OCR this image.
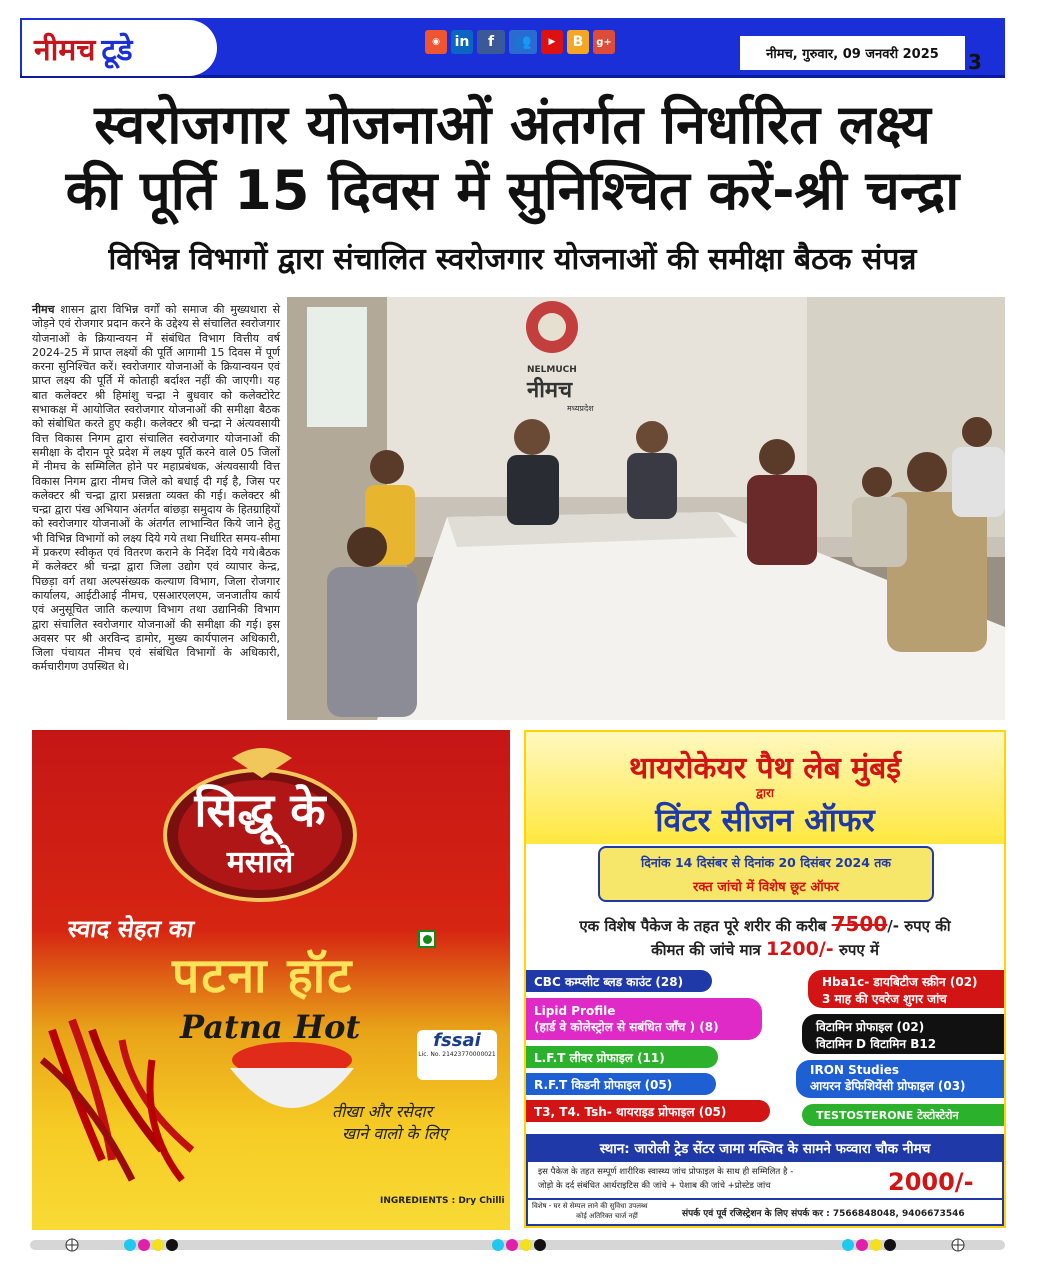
नीमच टूडे	◉	in	f	👥	▶	B	g+
नीमच, गुरुवार, 09 जनवरी 2025	3
स्वरोजगार योजनाओं अंतर्गत निर्धारित लक्ष्य
की पूर्ति 15 दिवस में सुनिश्चित करें-श्री चन्द्रा
विभिन्न विभागों द्वारा संचालित स्वरोजगार योजनाओं की समीक्षा बैठक संपन्न
नीमच शासन द्वारा विभिन्न वर्गों को समाज की मुख्यधारा से जोड़ने एवं रोजगार प्रदान करने के उद्देश्य से संचालित स्वरोजगार योजनाओं के क्रियान्वयन में संबंधित विभाग वित्तीय वर्ष 2024-25 में प्राप्त लक्ष्यों की पूर्ति आगामी 15 दिवस में पूर्ण करना सुनिश्चित करें। स्वरोजगार योजनाओं के क्रियान्वयन एवं प्राप्त लक्ष्य की पूर्ति में कोताही बर्दाश्त नहीं की जाएगी। यह बात कलेक्टर श्री हिमांशु चन्द्रा ने बुधवार को कलेक्टोरेट सभाकक्ष में आयोजित स्वरोजगार योजनाओं की समीक्षा बैठक को संबोधित करते हुए कही। कलेक्टर श्री चन्द्रा ने अंत्यवसायी वित्त विकास निगम द्वारा संचालित स्वरोजगार योजनाओं की समीक्षा के दौरान पूरे प्रदेश में लक्ष्य पूर्ति करने वाले 05 जिलों में नीमच के सम्मिलित होने पर महाप्रबंधक, अंत्यवसायी वित्त विकास निगम द्वारा नीमच जिले को बधाई दी गई है, जिस पर कलेक्टर श्री चन्द्रा द्वारा प्रसन्नता व्यक्त की गई। कलेक्टर श्री चन्द्रा द्वारा पंख अभियान अंतर्गत बांछड़ा समुदाय के हितग्राहियों को स्वरोजगार योजनाओं के अंतर्गत लाभान्वित किये जाने हेतु भी विभिन्न विभागों को लक्ष्य दिये गये तथा निर्धारित समय-सीमा में प्रकरण स्वीकृत एवं वितरण कराने के निर्देश दिये गये।बैठक में कलेक्टर श्री चन्द्रा द्वारा जिला उद्योग एवं व्यापार केन्द्र, पिछड़ा वर्ग तथा अल्पसंख्यक कल्याण विभाग, जिला रोजगार कार्यालय, आईटीआई नीमच, एसआरएलएम, जनजातीय कार्य एवं अनुसूचित जाति कल्याण विभाग तथा उद्यानिकी विभाग द्वारा संचालित स्वरोजगार योजनाओं की समीक्षा की गई। इस अवसर पर श्री अरविन्द डामोर, मुख्य कार्यपालन अधिकारी, जिला पंचायत नीमच एवं संबंधित विभागों के अधिकारी, कर्मचारीगण उपस्थित थे।
NELMUCH
नीमच
मध्यप्रदेश
सिद्धू के
मसाले
स्वाद सेहत का
पटना हॉट
Patna Hot	fssai
Lic. No. 21423770000021
तीखा और रसेदार
खाने वालो के लिए
INGREDIENTS : Dry Chilli
थायरोकेयर पैथ लेब मुंबई
द्वारा
विंटर सीजन ऑफर
दिनांक 14 दिसंबर से दिनांक 20 दिसंबर 2024 तक
रक्त जांचो में विशेष छूट ऑफर
एक विशेष पैकेज के तहत पूरे शरीर की करीब 7500/- रुपए की
कीमत की जांचे मात्र 1200/- रुपए में
CBC कम्प्लीट ब्लड काउंट (28)
Lipid Profile
(हार्ड वे कोलेस्ट्रोल से सबंधित जाँच ) (8)
L.F.T लीवर प्रोफाइल (11)
R.F.T किडनी प्रोफाइल (05)
T3, T4. Tsh- थायराइड प्रोफाइल (05)
Hba1c- डायबिटीज स्क्रीन (02)
3 माह की एवरेज शुगर जांच
विटामिन प्रोफाइल (02)
विटामिन D विटामिन B12
IRON Studies
आयरन डेफिशियेंसी प्रोफाइल (03)
TESTOSTERONE टेस्टोस्टेरोन
स्थान: जारोली ट्रेड सेंटर जामा मस्जिद के सामने फव्वारा चौक नीमच
इस पैकेज के तहत सम्पूर्ण शारीरिक स्वास्थ्य जांच प्रोफाइल के साथ ही सम्मिलित है -
जोड़ो के दर्द संबंधित आर्थराइटिस की जांचे + पेशाब की जांचे +प्रोस्टेड जांच	2000/-
विशेष - घर से सेम्पल लाने की सुविधा उपलब्ध
कोई अतिरिक्त चार्ज नहीं	संपर्क एवं पूर्व रजिस्ट्रेशन के लिए संपर्क कर : 7566848048, 9406673546
